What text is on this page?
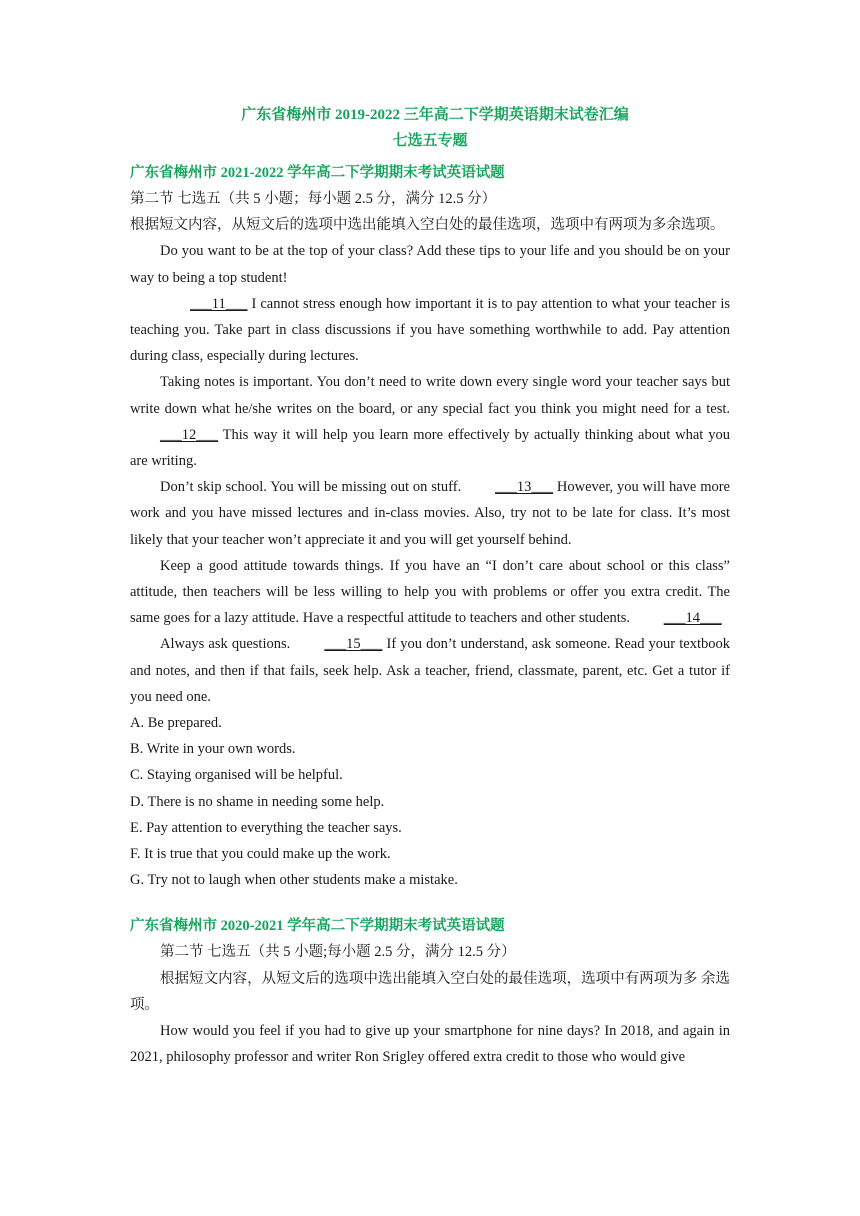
广东省梅州市 2019-2022 三年高二下学期英语期末试卷汇编
七选五专题
广东省梅州市 2021-2022 学年高二下学期期末考试英语试题
第二节 七选五（共 5 小题；每小题 2.5 分，满分 12.5 分）
根据短文内容，从短文后的选项中选出能填入空白处的最佳选项，选项中有两项为多余选项。
Do you want to be at the top of your class? Add these tips to your life and you should be on your way to being a top student!
___11___ I cannot stress enough how important it is to pay attention to what your teacher is teaching you. Take part in class discussions if you have something worthwhile to add. Pay attention during class, especially during lectures.
Taking notes is important. You don’t need to write down every single word your teacher says but write down what he/she writes on the board, or any special fact you think you might need for a test. ___12___ This way it will help you learn more effectively by actually thinking about what you are writing.
Don’t skip school. You will be missing out on stuff. ___13___ However, you will have more work and you have missed lectures and in-class movies. Also, try not to be late for class. It’s most likely that your teacher won’t appreciate it and you will get yourself behind.
Keep a good attitude towards things. If you have an “I don’t care about school or this class” attitude, then teachers will be less willing to help you with problems or offer you extra credit. The same goes for a lazy attitude. Have a respectful attitude to teachers and other students. ___14___
Always ask questions. ___15___ If you don’t understand, ask someone. Read your textbook and notes, and then if that fails, seek help. Ask a teacher, friend, classmate, parent, etc. Get a tutor if you need one.
A. Be prepared.
B. Write in your own words.
C. Staying organised will be helpful.
D. There is no shame in needing some help.
E. Pay attention to everything the teacher says.
F. It is true that you could make up the work.
G. Try not to laugh when other students make a mistake.
广东省梅州市 2020-2021 学年高二下学期期末考试英语试题
第二节 七选五（共 5 小题;每小题 2.5 分，满分 12.5 分）
根据短文内容，从短文后的选项中选出能填入空白处的最佳选项，选项中有两项为多 余选项。
How would you feel if you had to give up your smartphone for nine days? In 2018, and again in 2021, philosophy professor and writer Ron Srigley offered extra credit to those who would give
